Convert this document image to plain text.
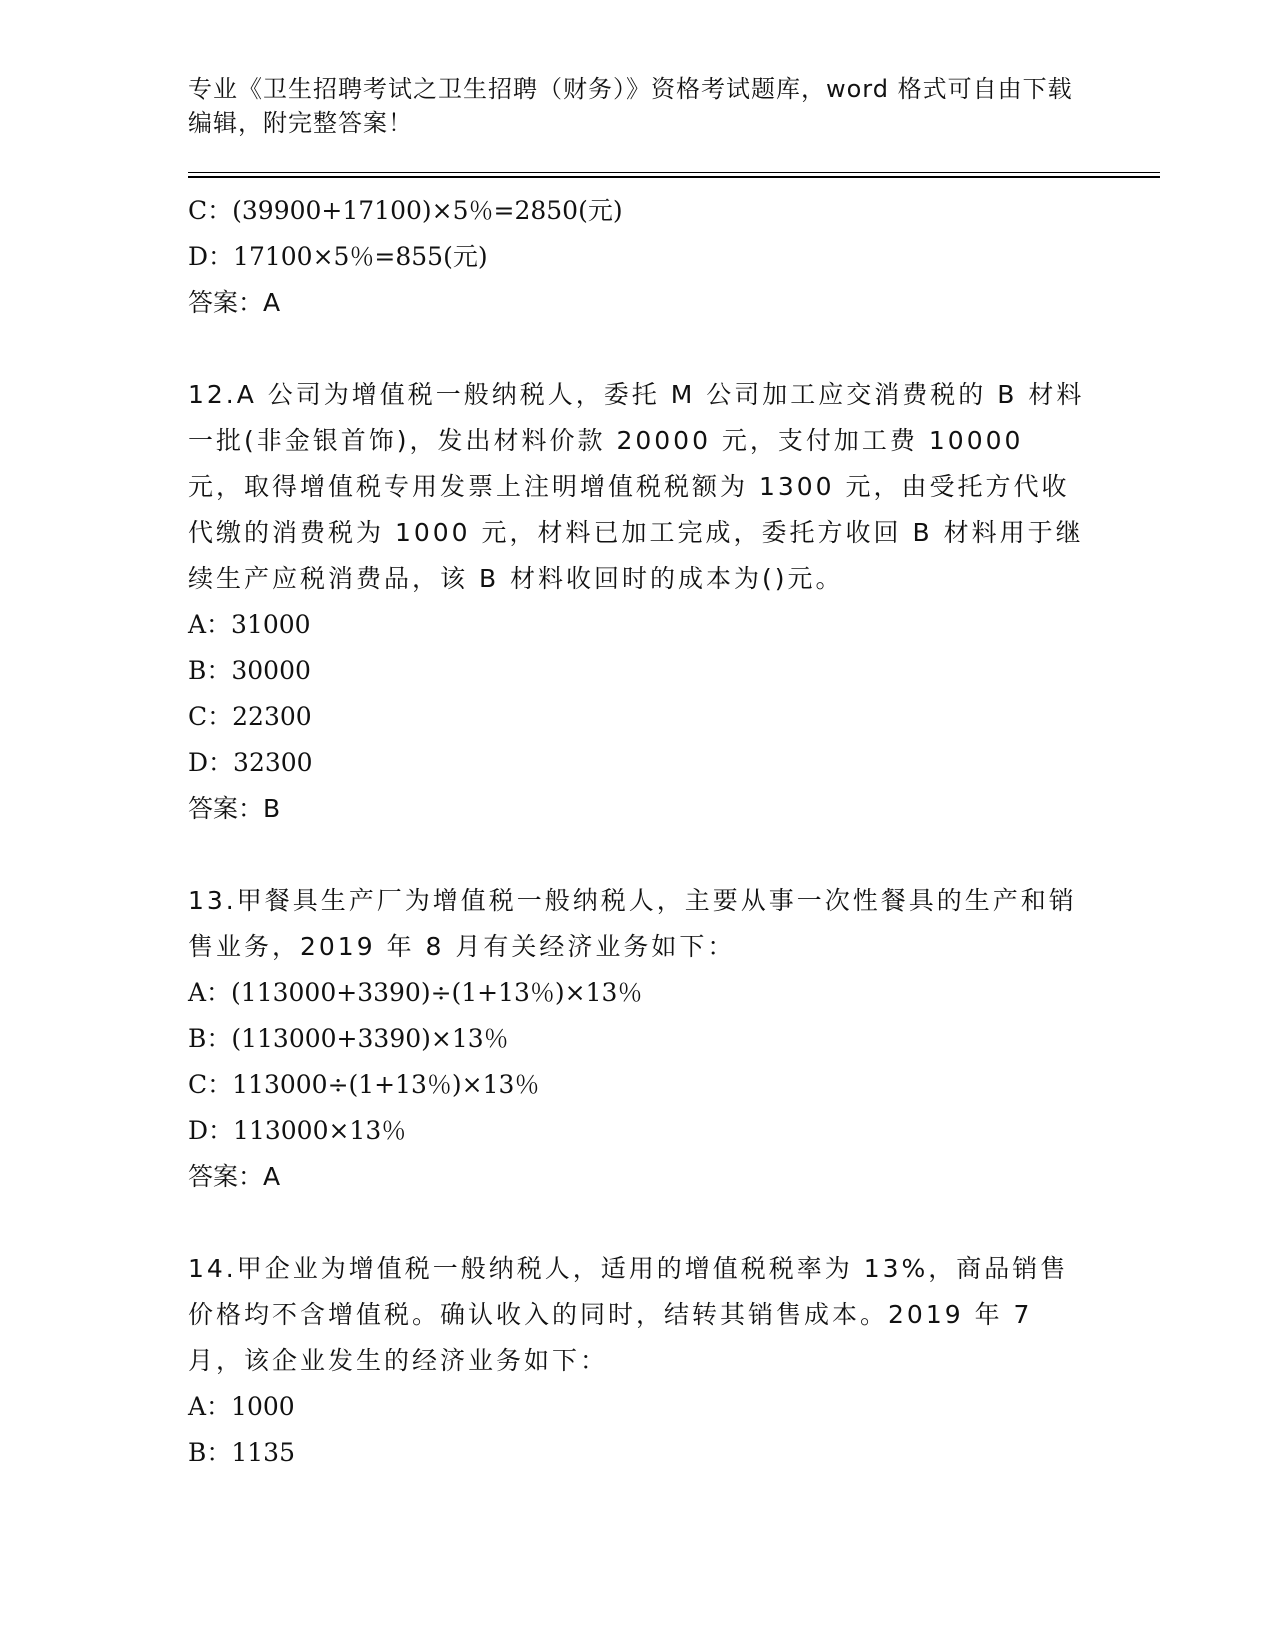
专业《卫生招聘考试之卫生招聘（财务）》资格考试题库，word 格式可自由下载编辑，附完整答案！
C：(39900+17100)×5％=2850(元)
D：17100×5％=855(元)
答案：A
12.A 公司为增值税一般纳税人，委托 M 公司加工应交消费税的 B 材料一批(非金银首饰)，发出材料价款 20000 元，支付加工费 10000 元，取得增值税专用发票上注明增值税税额为 1300 元，由受托方代收代缴的消费税为 1000 元，材料已加工完成，委托方收回 B 材料用于继续生产应税消费品，该 B 材料收回时的成本为()元。
A：31000
B：30000
C：22300
D：32300
答案：B
13.甲餐具生产厂为增值税一般纳税人，主要从事一次性餐具的生产和销售业务，2019 年 8 月有关经济业务如下：
A：(113000+3390)÷(1+13％)×13％
B：(113000+3390)×13％
C：113000÷(1+13％)×13％
D：113000×13％
答案：A
14.甲企业为增值税一般纳税人，适用的增值税税率为 13%，商品销售价格均不含增值税。确认收入的同时，结转其销售成本。2019 年 7 月，该企业发生的经济业务如下：
A：1000
B：1135
